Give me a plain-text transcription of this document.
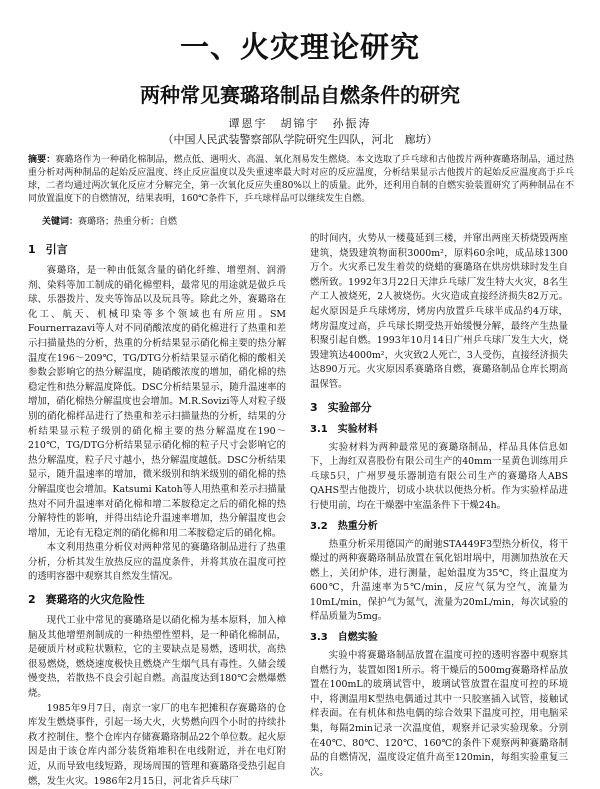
一、火灾理论研究
两种常见赛璐珞制品自燃条件的研究
谭恩宇　胡锦宇　孙振涛
（中国人民武装警察部队学院研究生四队，河北　廊坊）

摘要：赛璐珞作为一种硝化棉制品，燃点低、遇明火、高温、氧化剂易发生燃烧。本文选取了乒乓球和古他拨片两种赛璐珞制品，通过热重分析对两种制品的起始反应温度、终止反应温度以及失重速率最大时对应的反应温度，分析结果显示古他拨片的起始反应温度高于乒乓球，二者均通过两次氧化反应才分解完全，第一次氧化反应失重80%以上的质量。此外，还利用自制的自燃实验装置研究了两种制品在不同放置温度下的自燃情况，结果表明，160℃条件下，乒乓球样品可以继续发生自燃。

关键词：赛璐珞；热重分析；自燃

1 引言

赛璐珞，是一种由低氮含量的硝化纤维、增塑剂、润滑剂、染料等加工制成的硝化棉塑料，最常见的用途就是做乒乓球、乐器拨片、发夹等饰品以及玩具等。除此之外，赛璐珞在化工、航天、机械印染等多个领域也有所应用。SM Fournerrazavi等人对不同硝酸浓度的硝化棉进行了热重和差示扫描量热的分析，热重的分析结果显示硝化棉主要的热分解温度在196～209℃，TG/DTG分析结果显示硝化棉的酸相关参数会影响它的热分解温度，随硝酸浓度的增加，硝化棉的热稳定性和热分解温度降低。DSC分析结果显示，随升温速率的增加，硝化棉热分解温度也会增加。M.R.Sovizi等人对粒子级别的硝化棉样品进行了热重和差示扫描量热的分析，结果的分析结果显示粒子级别的硝化棉主要的热分解温度在190～210℃，TG/DTG分析结果显示硝化棉的粒子尺寸会影响它的热分解温度，粒子尺寸越小，热分解温度越低。DSC分析结果显示，随升温速率的增加，微米级别和纳米级别的硝化棉的热分解温度也会增加。Katsumi Katoh等人用热重和差示扫描量热对不同升温速率对硝化棉和增二苯胺稳定之后的硝化棉的热分解特性的影响，并得出结论升温速率增加，热分解温度也会增加，无论有无稳定剂的硝化棉和用二苯胺稳定后的硝化棉。

本文利用热重分析仪对两种常见的赛璐珞制品进行了热重分析，分析其发生放热反应的温度条件，并将其放在温度可控的透明容器中观察其自然发生情况。

2 赛璐珞的火灾危险性

现代工业中常见的赛璐珞是以硝化棉为基本原料，加入樟脑及其他增塑剂制成的一种热塑性塑料，是一种硝化棉制品，是硬质片材或粒状颗粒，它的主要缺点是易燃，透明状，高热很易燃烧，燃烧速度极快且燃烧产生烟气具有毒性。久储会缓慢变热，若散热不良会引起自燃。高温度达到180℃会燃爆燃烧。

1985年9月7日，南京一家厂的电车把摊积存赛璐珞的仓库发生燃烧事件，引起一场大火，火势燃向四个小时的持续扑救才控制住，整个仓库内存储赛璐珞制品22个单位数。起火原因是由于该仓库内部分装货箱堆积在电线附近，并在电灯附近，从而导致电线短路，现场周围的管理和赛璐珞受热引起自燃，发生火灾。1986年2月15日，河北省乒乓球厂

的时间内，火势从一楼蔓延到三楼，并窜出两座天桥烧毁两座建筑，烧毁建筑物面积3000m²，原料60余吨，成品球1300万个。火灾系已发生着荧的烧蜡的赛璐珞在烘房烘球时发生自燃所致。1992年3月22日天津乒乓球厂发生特大火灾，8名生产工人被烧死，2人被烧伤。火灾造成直接经济损失82万元。起火原因是乒乓球烤房，烤房内放置乒乓球半成品约4万球，烤房温度过高，乒乓球长期受热开始缓慢分解，最终产生热量积聚引起自燃。1993年10月14日广州乒乓球厂发生大火，烧毁建筑达4000m²，火灾致2人死亡，3人受伤，直接经济损失达890万元。火灾原因系赛璐珞自燃，赛璐珞制品仓库长期高温保管。

3 实验部分
3.1 实验材料

实验材料为两种最常见的赛璐珞制品，样品具体信息如下，上海红双喜股份有限公司生产的40mm一星黄色训练用乒乓球5只，广州罗曼乐器制造有限公司生产的赛璐珞人ABS QAHS型古他拨片，切成小块状以便热分析。作为实验样品进行使用前，均在干燥器中室温条件下干燥24h。

3.2 热重分析

热重分析采用德国产的耐驰STA449F3型热分析仪，将干燥过的两种赛璐珞制品放置在氧化铝坩埚中，用测加热放在天燃上，关闭炉体，进行测量，起始温度为35℃，终止温度为600℃，升温速率为5℃/min，反应气氛为空气，流量为10mL/min，保护气为氮气，流量为20mL/min，每次试验的样品质量为5mg。

3.3 自燃实验

实验中将赛璐珞制品放置在温度可控的透明容器中观察其自燃行为，装置如图1所示。将干燥后的500mg赛璐珞样品放置在100mL的玻璃试管中，玻璃试管放置在温度可控的环境中，将测温用K型热电偶通过其中一只胶塞插入试管，接触试样表面。在有机体和热电偶的综合效果下温度可控，用电脑采集，每隔2min记录一次温度值，观察并记录实验现象。分别在40℃、80℃、120℃、160℃的条件下观察两种赛璐珞制品的自燃情况，温度设定值升高至120min，每组实验重复三次。
